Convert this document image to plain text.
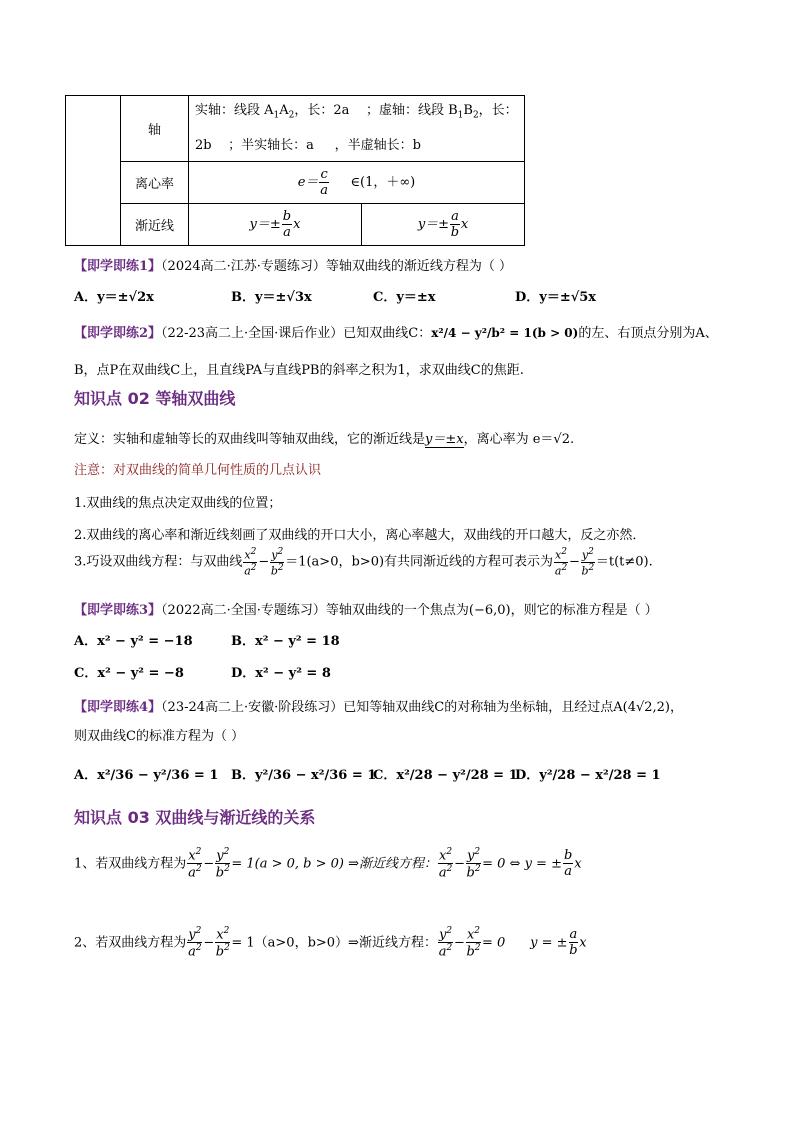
	轴	实轴：线段 $A_1A_2$，长：2a ；虚轴：线段 $B_1B_2$，长：
2b ；半实轴长：a ，半虚轴长：b	
	离心率	$e= \frac{c}{a}$ ∈(1，＋∞)	
	渐近线	$y=\pm \frac{b}{a}$ x	$y=\pm \frac{a}{b}$ x
【即学即练1】（2024高二·江苏·专题练习）等轴双曲线的渐近线方程为（ ）
A．y＝±√2x	B．y＝±√3x	C．y＝±x	D．y＝±√5x
【即学即练2】（22-23高二上·全国·课后作业）已知双曲线C：x²/4 − y²/b² = 1(b > 0)的左、右顶点分别为A、
B，点P在双曲线C上，且直线PA与直线PB的斜率之积为1，求双曲线C的焦距.
知识点 02 等轴双曲线
定义：实轴和虚轴等长的双曲线叫等轴双曲线，它的渐近线是y＝±x，离心率为 e＝√2.
注意：对双曲线的简单几何性质的几点认识
1.双曲线的焦点决定双曲线的位置；
2.双曲线的离心率和渐近线刻画了双曲线的开口大小，离心率越大，双曲线的开口越大，反之亦然．
3.巧设双曲线方程：与双曲线 $\frac{x^2}{a^2} - \frac{y^2}{b^2} =1(a>0$，b>0)有共同渐近线的方程可表示为 $\frac{x^2}{a^2} - \frac{y^2}{b^2} =t(t\ne 0)$.
【即学即练3】（2022高二·全国·专题练习）等轴双曲线的一个焦点为(−6,0)，则它的标准方程是（ ）
A．x² − y² = −18	B．x² − y² = 18
C．x² − y² = −8	D．x² − y² = 8
【即学即练4】（23-24高二上·安徽·阶段练习）已知等轴双曲线C的对称轴为坐标轴，且经过点A(4√2,2)，
则双曲线C的标准方程为（ ）
A．x²/36 − y²/36 = 1 B．y²/36 − x²/36 = 1
C．x²/28 − y²/28 = 1
D．y²/28 − x²/28 = 1
知识点 03 双曲线与渐近线的关系
1、若双曲线方程为 $\frac{x^2}{a^2} - \frac{y^2}{b^2} = 1(a > 0$, b > 0) ⇒渐近线方程： $\frac{x^2}{a^2} - \frac{y^2}{b^2} = 0$ ⇔ y = ± $\frac{b}{a}$ x
2、若双曲线方程为 $\frac{y^2}{a^2} - \frac{x^2}{b^2} = 1(a>0$，b>0）⇒渐近线方程： $\frac{y^2}{a^2} - \frac{x^2}{b^2} = 0$ y = ± $\frac{a}{b}$ x
